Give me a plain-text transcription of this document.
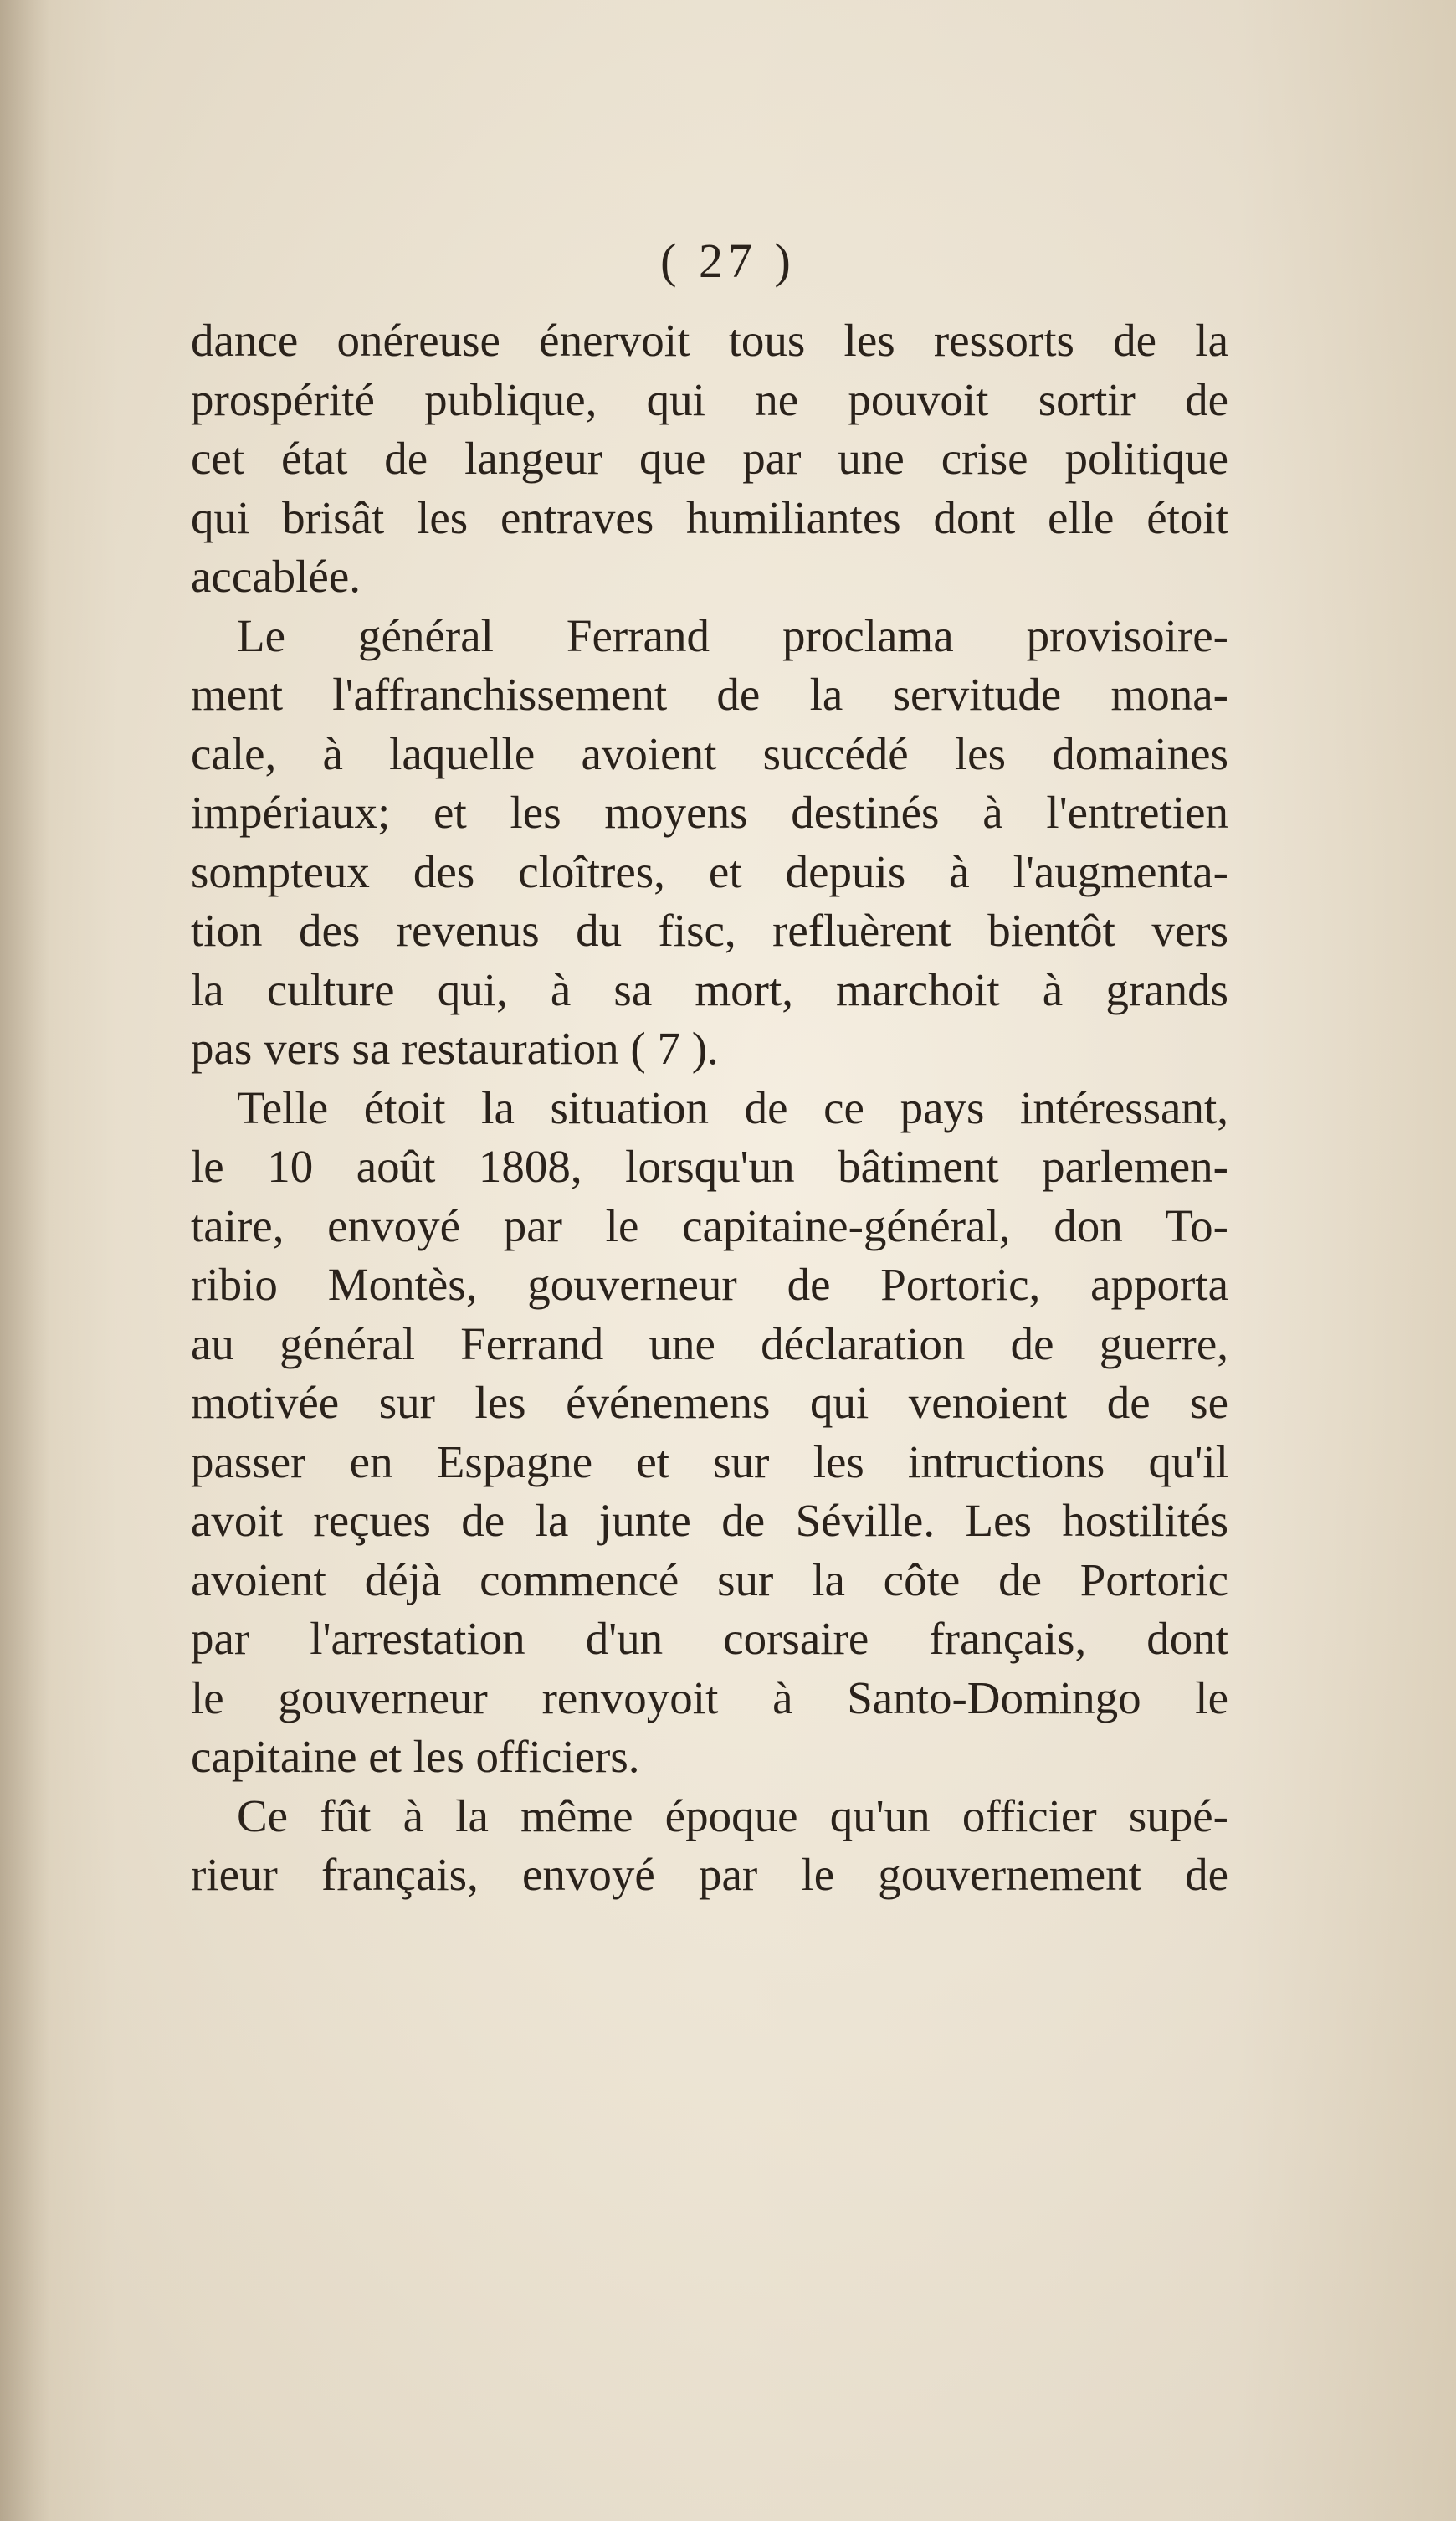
( 27 )
dance onéreuse énervoit tous les ressorts de la
prospérité publique, qui ne pouvoit sortir de
cet état de langeur que par une crise politique
qui brisât les entraves humiliantes dont elle étoit
accablée.
Le général Ferrand proclama provisoire-
ment l'affranchissement de la servitude mona-
cale, à laquelle avoient succédé les domaines
impériaux; et les moyens destinés à l'entretien
sompteux des cloîtres, et depuis à l'augmenta-
tion des revenus du fisc, refluèrent bientôt vers
la culture qui, à sa mort, marchoit à grands
pas vers sa restauration ( 7 ).
Telle étoit la situation de ce pays intéressant,
le 10 août 1808, lorsqu'un bâtiment parlemen-
taire, envoyé par le capitaine-général, don To-
ribio Montès, gouverneur de Portoric, apporta
au général Ferrand une déclaration de guerre,
motivée sur les événemens qui venoient de se
passer en Espagne et sur les intructions qu'il
avoit reçues de la junte de Séville. Les hostilités
avoient déjà commencé sur la côte de Portoric
par l'arrestation d'un corsaire français, dont
le gouverneur renvoyoit à Santo-Domingo le
capitaine et les officiers.
Ce fût à la même époque qu'un officier supé-
rieur français, envoyé par le gouvernement de
